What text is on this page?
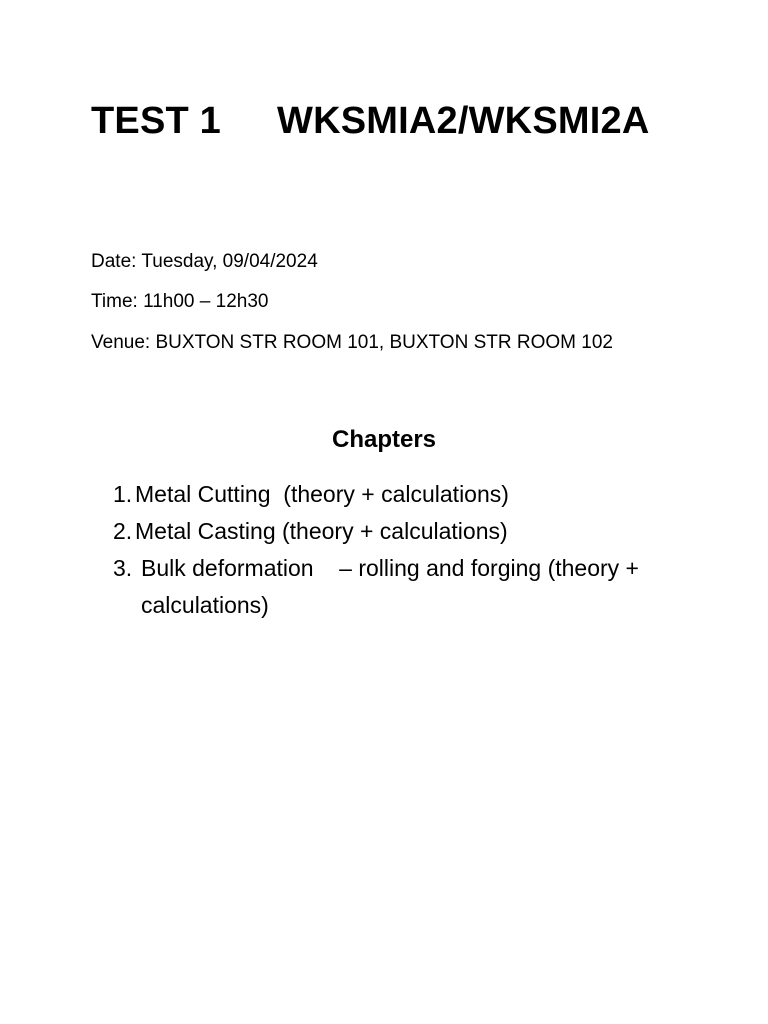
TEST 1 WKSMIA2/WKSMI2A
Date: Tuesday, 09/04/2024
Time: 11h00 – 12h30
Venue: BUXTON STR ROOM 101, BUXTON STR ROOM 102
Chapters
1. Metal Cutting  (theory + calculations)
2. Metal Casting (theory + calculations)
3. Bulk deformation    – rolling and forging (theory + calculations)
